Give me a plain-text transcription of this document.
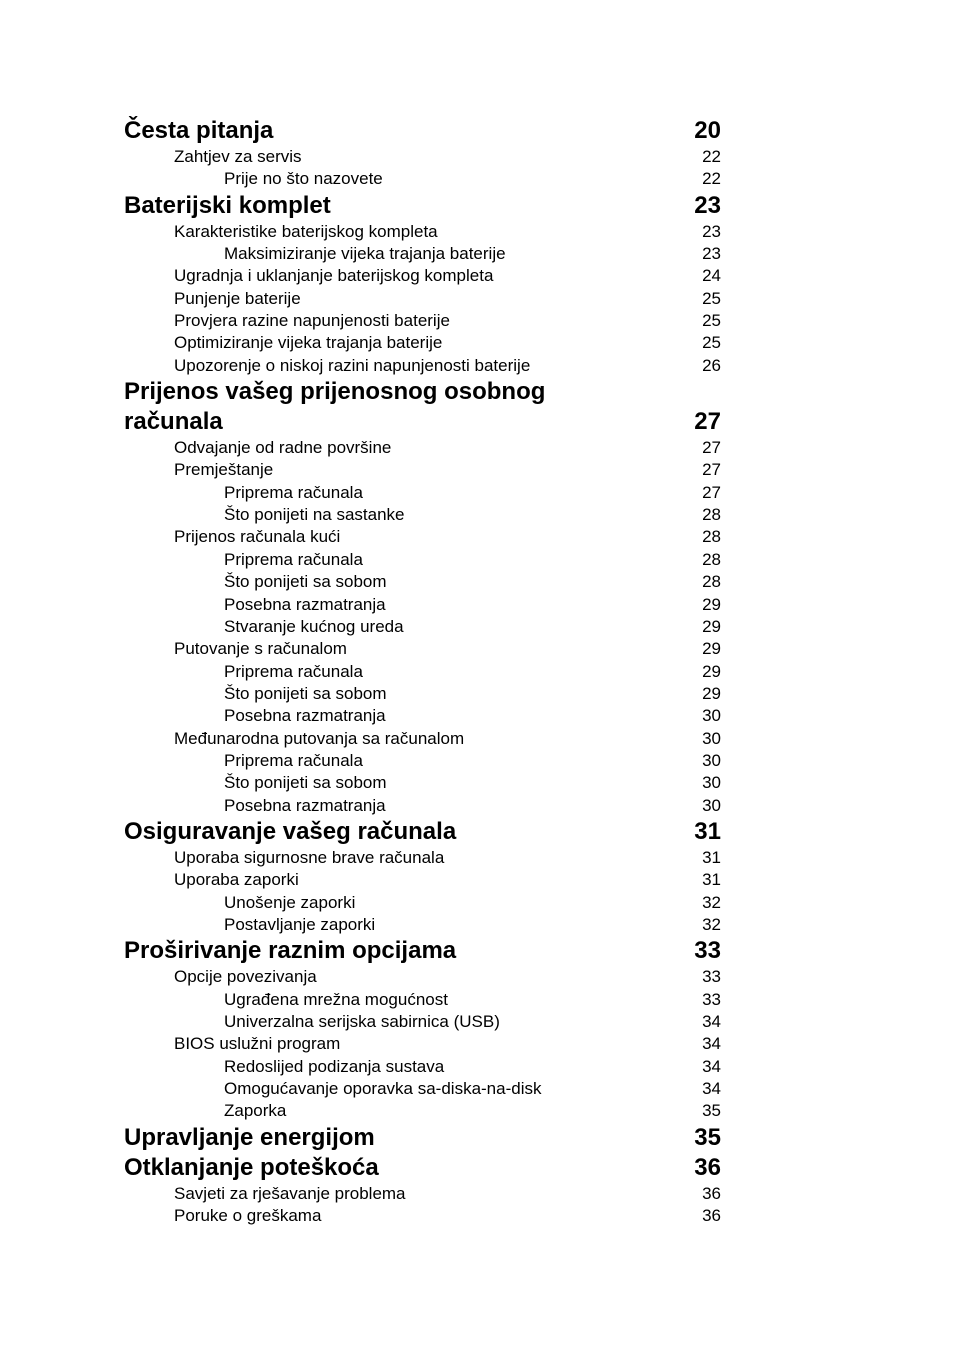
Česta pitanja	20
Zahtjev za servis	22
Prije no što nazovete	22
Baterijski komplet	23
Karakteristike baterijskog kompleta	23
Maksimiziranje vijeka trajanja baterije	23
Ugradnja i uklanjanje baterijskog kompleta	24
Punjenje baterije	25
Provjera razine napunjenosti baterije	25
Optimiziranje vijeka trajanja baterije	25
Upozorenje o niskoj razini napunjenosti baterije	26
Prijenos vašeg prijenosnog osobnog
računala	27
Odvajanje od radne površine	27
Premještanje	27
Priprema računala	27
Što ponijeti na sastanke	28
Prijenos računala kući	28
Priprema računala	28
Što ponijeti sa sobom	28
Posebna razmatranja	29
Stvaranje kućnog ureda	29
Putovanje s računalom	29
Priprema računala	29
Što ponijeti sa sobom	29
Posebna razmatranja	30
Međunarodna putovanja sa računalom	30
Priprema računala	30
Što ponijeti sa sobom	30
Posebna razmatranja	30
Osiguravanje vašeg računala	31
Uporaba sigurnosne brave računala	31
Uporaba zaporki	31
Unošenje zaporki	32
Postavljanje zaporki	32
Proširivanje raznim opcijama	33
Opcije povezivanja	33
Ugrađena mrežna mogućnost	33
Univerzalna serijska sabirnica (USB)	34
BIOS uslužni program	34
Redoslijed podizanja sustava	34
Omogućavanje oporavka sa-diska-na-disk	34
Zaporka	35
Upravljanje energijom	35
Otklanjanje poteškoća	36
Savjeti za rješavanje problema	36
Poruke o greškama	36
